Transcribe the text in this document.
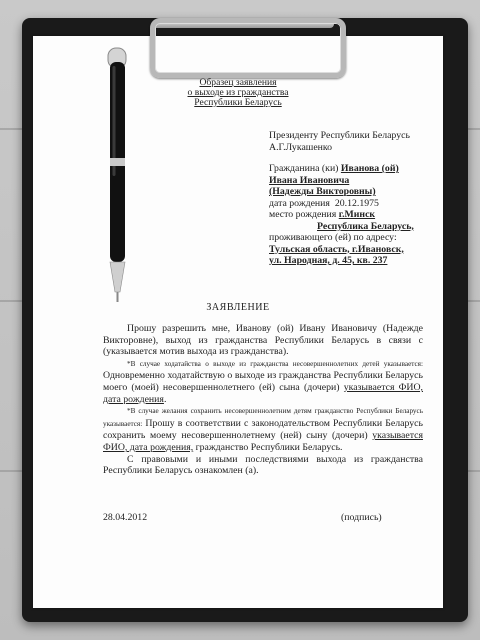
Образец заявления
о выходе из гражданства
Республики Беларусь
Президенту Республики Беларусь
А.Г.Лукашенко
Гражданина (ки) Иванова (ой)
Ивана Ивановича
(Надежды Викторовны)
дата рождения 20.12.1975
место рождения г.Минск
Республика Беларусь,
проживающего (ей) по адресу:
Тульская область, г.Ивановск,
ул. Народная, д. 45, кв. 237
ЗАЯВЛЕНИЕ

Прошу разрешить мне, Иванову (ой) Ивану Ивановичу (Надежде Викторовне), выход из гражданства Республики Беларусь в связи с (указывается мотив выхода из гражданства).

*В случае ходатайства о выходе из гражданства несовершеннолетних детей указывается: Одновременно ходатайствую о выходе из гражданства Республики Беларусь моего (моей) несовершеннолетнего (ей) сына (дочери) указывается ФИО, дата рождения.

*В случае желания сохранить несовершеннолетним детям гражданство Республики Беларусь указывается: Прошу в соответствии с законодательством Республики Беларусь сохранить моему несовершеннолетнему (ней) сыну (дочери) указывается ФИО, дата рождения, гражданство Республики Беларусь.

С правовыми и иными последствиями выхода из гражданства Республики Беларусь ознакомлен (а).

28.04.2012	(подпись)
